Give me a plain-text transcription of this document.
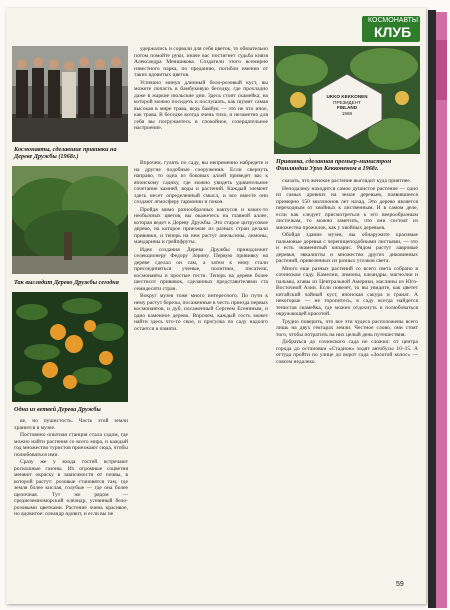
КОСМОНАВТЫ
КЛУБ
Космонавты, сделавшие прививки на Дереве Дружбы (1968г.)
Так выглядит Дерево Дружбы сегодня
Одна из ветвей Дерева Дружбы

ве, но пушистость. Часть этой земли хранится в музее.

Постоянно опытная станция стала садом, где можно найти растения со всего мира, и каждый год множество туристов приезжают сюда, чтобы полюбоваться ими.

Сразу же у входа гостей встречают роскошные газоны. Их огромные соцветия меняют окраску в зависимости от почвы, в которой растут: розовые становятся там, где земля более кислая, голубые — где она более щелочная. Тут же рядом — среднеземноморский олеандр, усеянный бело-розовыми цветками. Растение очень красивое, но ядовитое: олеандр ядовит, и если вы не

удержались и сорвали для себя цветок, то обязательно потом помойте руки, иначе вас постигнет судьба князя Александра Меншикова. Создатели этого всемирно известного парка, по преданию, погибли именно от таких ядовитых цветов.

Успешно минуя длинный бело-розовый куст, вы можете попасть в бамбуковую беседку, где прохладно даже в жаркие июльские дни. Здесь стоит скамейка, на которой можно посидеть и послушать, как шумит самая высокая в мире трава, ведь бамбук — это не что иное, как трава. В беседке всегда очень тихо, и незаметно для себя вы погружаетесь в спокойное, созерцательное настроение.

Впрочем, гулять по саду, вы непременно набредете и на другие подобные сооружения. Если свернуть направо, то одна из боковых аллей приведет вас к японскому садику, где можно увидеть удивительное сочетание камней, воды и растений. Каждый элемент здесь несет определенный смысл, и все вместе они создают атмосферу гармонии и покоя.

Пройдя мимо разнообразных кактусов и каких-то необычных цветов, вы окажетесь на главной аллее, которая ведет к Дереву Дружбы. Это старое цитрусовое дерево, на которое приезжие из разных стран делали прививки, и теперь на нем растут апельсины, лимоны, мандарины и грейпфруты.

Идея создания Дерева Дружбы принадлежит селекционеру Федору Зорину. Первую прививку на дереве сделал он сам, а затем к нему стали присоединяться ученые, политики, писатели, космонавты и простые гости. Теперь на дереве более шестисот прививок, сделанных представителями ста семидесяти стран.

Вокруг музея тоже много интересного. По пути к нему растут березы, посаженные в честь приезда первых космонавтов, и дуб, посаженный Сергеем Есениным, и одно каменное дерево. Впрочем, каждый гость может найти здесь что-то свое, и прогулка по саду надолго остается в памяти.

UKKO KEKKONEN
ПРЕЗИДЕНТ
FINLAND
1968
Прививка, сделанная премьер-министром Финляндии Урхо Кекконеном в 1968г.

сказать, что женское растение выглядит куда приятнее.

Неподалеку находится самое душистое растение — одно из самых древних на земле деревьев, появившееся примерно 150 миллионов лет назад. Это дерево является переходным от хвойных к лиственным. И в самом деле, если как следует присмотреться к его веерообразным листочкам, то можно заметить, что они состоят из множества прожилок, как у хвойных деревьев.

Обойдя здание музея, вы обнаружите красивые пальмовые деревья с черепицеподобными листьями, — это и есть знаменитый кипарис. Рядом растут лавровые деревья, эвкалипты и множество других диковинных растений, привезенных из разных уголков света.

Много еще разных растений со всего света собрано в сочинском саду. Камелии, лимоны, олеандры, магнолии и пальмы, агавы из Центральной Америки, маслины из Юго-Восточной Азии. Если повезет, то вы увидите, как цветет китайский чайный куст, японская сакура и гранат. А некоторые — не торопитесь, в саду всегда найдется тенистая скамейка, где можно отдохнуть и полюбоваться окружающей красотой.

Трудно поверить, что все эти чудеса расположены всего лишь на двух гектарах земли. Честное слово, они стоят того, чтобы потратить на них целый день путешествия.

Добраться до сочинского сада не сложно: от центра города до остановки «Стадион» ходят автобусы 10–15. А оттуда пройти по улице до ворот сада «Золотой колос» — совсем недалеко.

59
